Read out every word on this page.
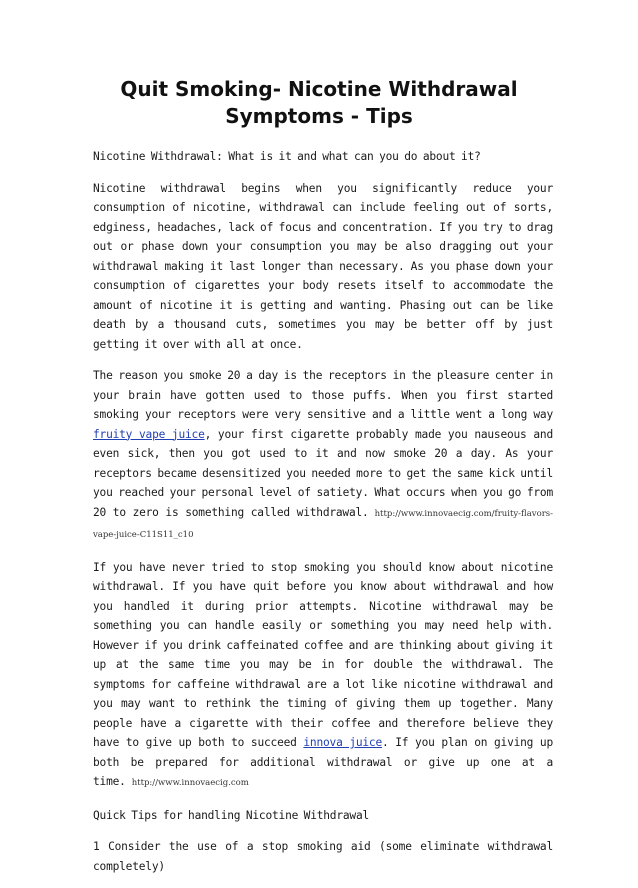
Quit Smoking- Nicotine Withdrawal Symptoms - Tips

Nicotine Withdrawal: What is it and what can you do about it?

Nicotine withdrawal begins when you significantly reduce your consumption of nicotine, withdrawal can include feeling out of sorts, edginess, headaches, lack of focus and concentration. If you try to drag out or phase down your consumption you may be also dragging out your withdrawal making it last longer than necessary. As you phase down your consumption of cigarettes your body resets itself to accommodate the amount of nicotine it is getting and wanting. Phasing out can be like death by a thousand cuts, sometimes you may be better off by just getting it over with all at once.

The reason you smoke 20 a day is the receptors in the pleasure center in your brain have gotten used to those puffs. When you first started smoking your receptors were very sensitive and a little went a long way fruity vape juice, your first cigarette probably made you nauseous and even sick, then you got used to it and now smoke 20 a day. As your receptors became desensitized you needed more to get the same kick until you reached your personal level of satiety. What occurs when you go from 20 to zero is something called withdrawal. http://www.innovaecig.com/fruity-flavors-vape-juice-C11S11_c10

If you have never tried to stop smoking you should know about nicotine withdrawal. If you have quit before you know about withdrawal and how you handled it during prior attempts. Nicotine withdrawal may be something you can handle easily or something you may need help with. However if you drink caffeinated coffee and are thinking about giving it up at the same time you may be in for double the withdrawal. The symptoms for caffeine withdrawal are a lot like nicotine withdrawal and you may want to rethink the timing of giving them up together. Many people have a cigarette with their coffee and therefore believe they have to give up both to succeed innova juice. If you plan on giving up both be prepared for additional withdrawal or give up one at a time. http://www.innovaecig.com

Quick Tips for handling Nicotine Withdrawal

1 Consider the use of a stop smoking aid (some eliminate withdrawal completely)
